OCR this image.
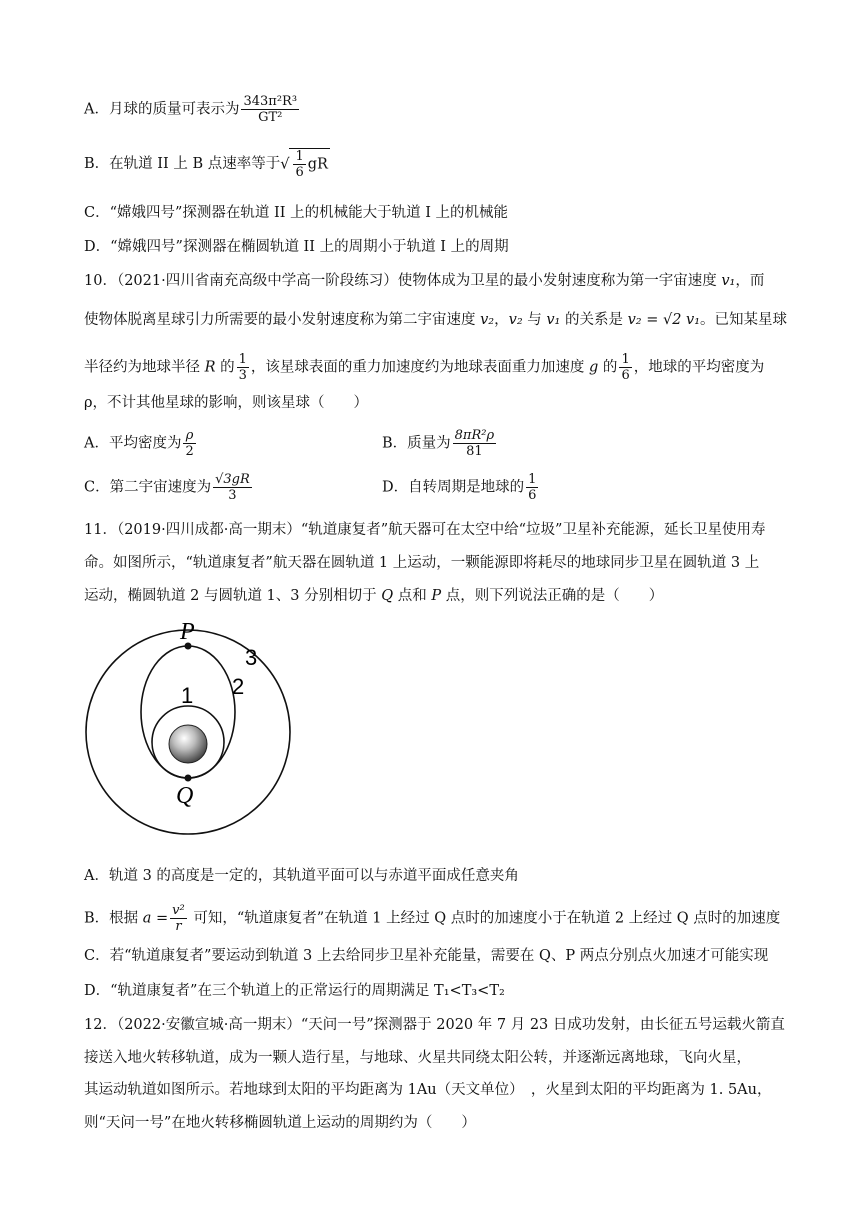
A．月球的质量可表示为 $\frac{\text{343π²R³}}{\text{GT²}}$
B．在轨道 II 上 B 点速率等于√ $\frac{1}{6}$ gR
C．“嫦娥四号”探测器在轨道 II 上的机械能大于轨道 I 上的机械能
D．“嫦娥四号”探测器在椭圆轨道 II 上的周期小于轨道 I 上的周期
10．（2021·四川省南充高级中学高一阶段练习）使物体成为卫星的最小发射速度称为第一宇宙速度 v₁，而
使物体脱离星球引力所需要的最小发射速度称为第二宇宙速度 v₂，v₂ 与 v₁ 的关系是 v₂ = √2 v₁。已知某星球
半径约为地球半径 R 的 $\frac{1}{3}$ ，该星球表面的重力加速度约为地球表面重力加速度 g 的 $\frac{1}{6}$ ，地球的平均密度为
ρ，不计其他星球的影响，则该星球（　　）
A．平均密度为 $\frac{\rho}{2}$	B．质量为 $\frac{\text{8πR²ρ}}{81}$
C．第二宇宙速度为 $\frac{√3gR}{3}$	D．自转周期是地球的 $\frac{1}{6}$
11．（2019·四川成都·高一期末）“轨道康复者”航天器可在太空中给“垃圾”卫星补充能源，延长卫星使用寿
命。如图所示，“轨道康复者”航天器在圆轨道 1 上运动，一颗能源即将耗尽的地球同步卫星在圆轨道 3 上
运动，椭圆轨道 2 与圆轨道 1、3 分别相切于 Q 点和 P 点，则下列说法正确的是（　　）
P
Q
1 2
3
A．轨道 3 的高度是一定的，其轨道平面可以与赤道平面成任意夹角
B．根据 $a = \frac{\text{v²}}{r}$ 可知，“轨道康复者”在轨道 1 上经过 Q 点时的加速度小于在轨道 2 上经过 Q 点时的加速度
C．若“轨道康复者”要运动到轨道 3 上去给同步卫星补充能量，需要在 Q、P 两点分别点火加速才可能实现
D．“轨道康复者”在三个轨道上的正常运行的周期满足 T₁<T₃<T₂
12．（2022·安徽宣城·高一期末）“天问一号”探测器于 2020 年 7 月 23 日成功发射，由长征五号运载火箭直
接送入地火转移轨道，成为一颗人造行星，与地球、火星共同绕太阳公转，并逐渐远离地球，飞向火星，
其运动轨道如图所示。若地球到太阳的平均距离为 1Au（天文单位）　，火星到太阳的平均距离为 1. 5Au，
则“天问一号”在地火转移椭圆轨道上运动的周期约为（　　）
